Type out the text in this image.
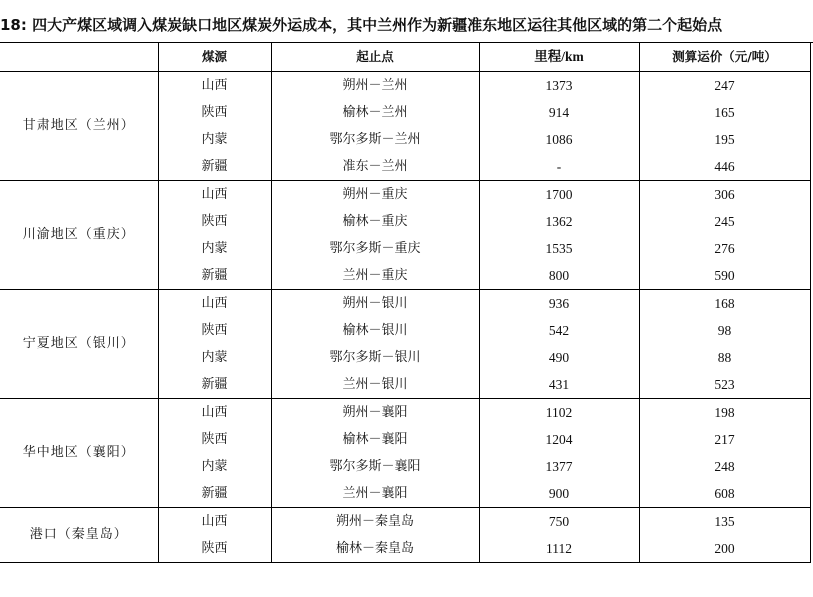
18: 四大产煤区域调入煤炭缺口地区煤炭外运成本，其中兰州作为新疆准东地区运往其他区域的第二个起始点
	煤源	起止点	里程/km	测算运价（元/吨）
甘肃地区（兰州）	山西	朔州－兰州	1373	247
	陕西	榆林－兰州	914	165
	内蒙	鄂尔多斯－兰州	1086	195
	新疆	准东－兰州	-	446
川渝地区（重庆）	山西	朔州－重庆	1700	306
	陕西	榆林－重庆	1362	245
	内蒙	鄂尔多斯－重庆	1535	276
	新疆	兰州－重庆	800	590
宁夏地区（银川）	山西	朔州－银川	936	168
	陕西	榆林－银川	542	98
	内蒙	鄂尔多斯－银川	490	88
	新疆	兰州－银川	431	523
华中地区（襄阳）	山西	朔州－襄阳	1102	198
	陕西	榆林－襄阳	1204	217
	内蒙	鄂尔多斯－襄阳	1377	248
	新疆	兰州－襄阳	900	608
港口（秦皇岛）	山西	朔州－秦皇岛	750	135
	陕西	榆林－秦皇岛	1112	200
